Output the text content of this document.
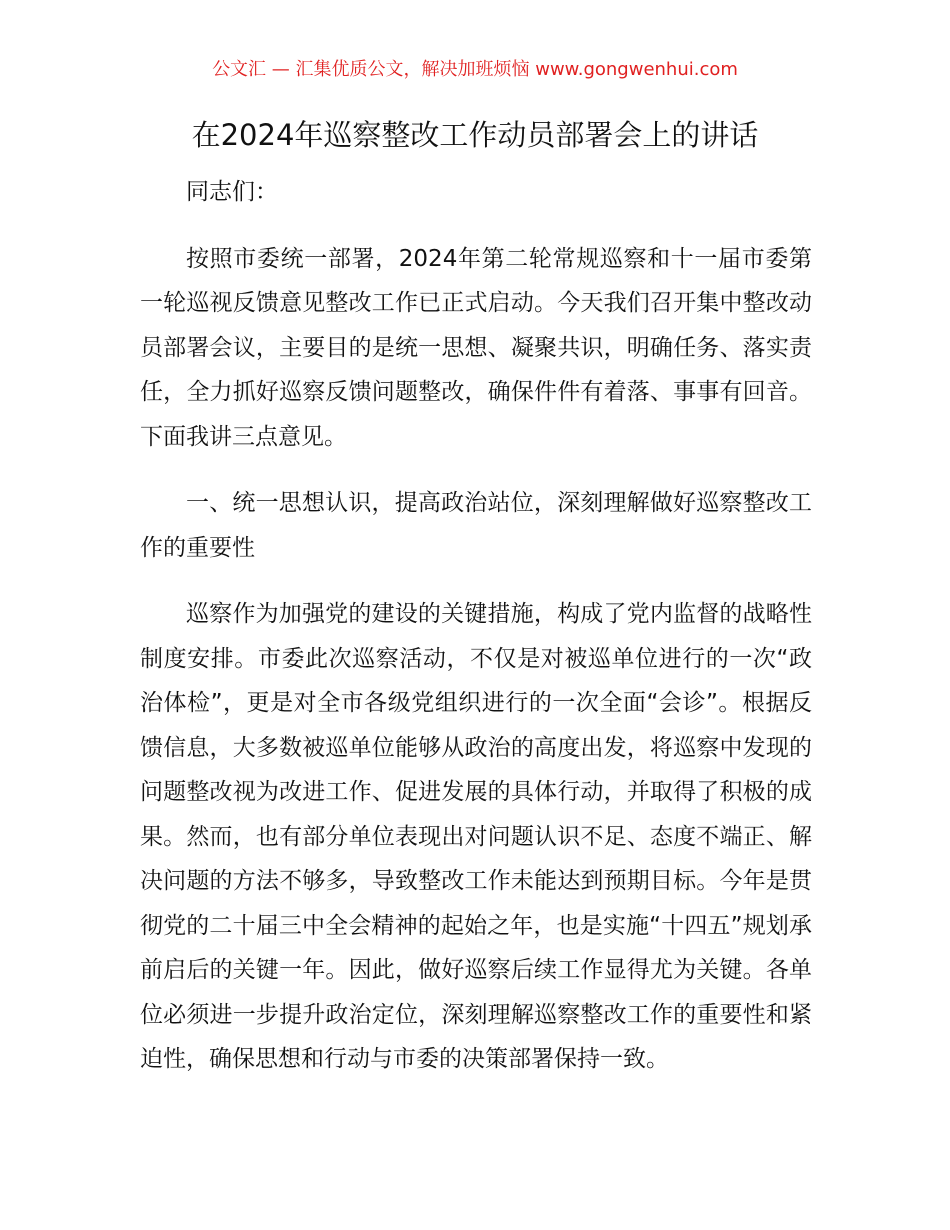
公文汇 — 汇集优质公文，解决加班烦恼 www.gongwenhui.com
在2024年巡察整改工作动员部署会上的讲话

同志们：

按照市委统一部署，2024年第二轮常规巡察和十一届市委第一轮巡视反馈意见整改工作已正式启动。今天我们召开集中整改动员部署会议，主要目的是统一思想、凝聚共识，明确任务、落实责任，全力抓好巡察反馈问题整改，确保件件有着落、事事有回音。下面我讲三点意见。

一、统一思想认识，提高政治站位，深刻理解做好巡察整改工作的重要性

巡察作为加强党的建设的关键措施，构成了党内监督的战略性制度安排。市委此次巡察活动，不仅是对被巡单位进行的一次“政治体检”，更是对全市各级党组织进行的一次全面“会诊”。根据反馈信息，大多数被巡单位能够从政治的高度出发，将巡察中发现的问题整改视为改进工作、促进发展的具体行动，并取得了积极的成果。然而，也有部分单位表现出对问题认识不足、态度不端正、解决问题的方法不够多，导致整改工作未能达到预期目标。今年是贯彻党的二十届三中全会精神的起始之年，也是实施“十四五”规划承前启后的关键一年。因此，做好巡察后续工作显得尤为关键。各单位必须进一步提升政治定位，深刻理解巡察整改工作的重要性和紧迫性，确保思想和行动与市委的决策部署保持一致。
